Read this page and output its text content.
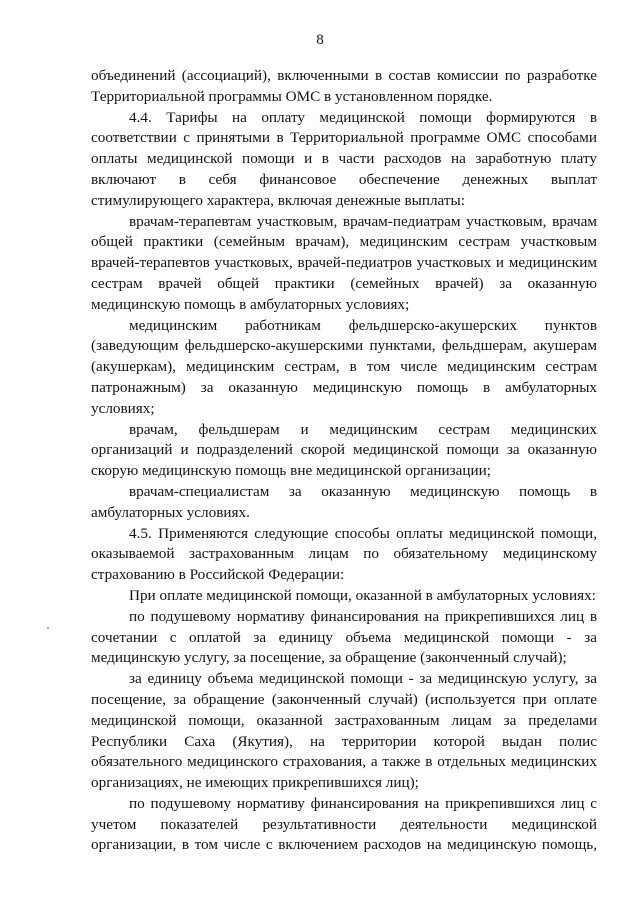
8

объединений (ассоциаций), включенными в состав комиссии по разработке Территориальной программы ОМС в установленном порядке.

4.4. Тарифы на оплату медицинской помощи формируются в соответствии с принятыми в Территориальной программе ОМС способами оплаты медицинской помощи и в части расходов на заработную плату включают в себя финансовое обеспечение денежных выплат стимулирующего характера, включая денежные выплаты:

врачам-терапевтам участковым, врачам-педиатрам участковым, врачам общей практики (семейным врачам), медицинским сестрам участковым врачей-терапевтов участковых, врачей-педиатров участковых и медицинским сестрам врачей общей практики (семейных врачей) за оказанную медицинскую помощь в амбулаторных условиях;

медицинским работникам фельдшерско-акушерских пунктов (заведующим фельдшерско-акушерскими пунктами, фельдшерам, акушерам (акушеркам), медицинским сестрам, в том числе медицинским сестрам патронажным) за оказанную медицинскую помощь в амбулаторных условиях;

врачам, фельдшерам и медицинским сестрам медицинских организаций и подразделений скорой медицинской помощи за оказанную скорую медицинскую помощь вне медицинской организации;

врачам-специалистам за оказанную медицинскую помощь в амбулаторных условиях.

4.5. Применяются следующие способы оплаты медицинской помощи, оказываемой застрахованным лицам по обязательному медицинскому страхованию в Российской Федерации:

При оплате медицинской помощи, оказанной в амбулаторных условиях:

по подушевому нормативу финансирования на прикрепившихся лиц в сочетании с оплатой за единицу объема медицинской помощи - за медицинскую услугу, за посещение, за обращение (законченный случай);

за единицу объема медицинской помощи - за медицинскую услугу, за посещение, за обращение (законченный случай) (используется при оплате медицинской помощи, оказанной застрахованным лицам за пределами Республики Саха (Якутия), на территории которой выдан полис обязательного медицинского страхования, а также в отдельных медицинских организациях, не имеющих прикрепившихся лиц);

по подушевому нормативу финансирования на прикрепившихся лиц с учетом показателей результативности деятельности медицинской организации, в том числе с включением расходов на медицинскую помощь,
